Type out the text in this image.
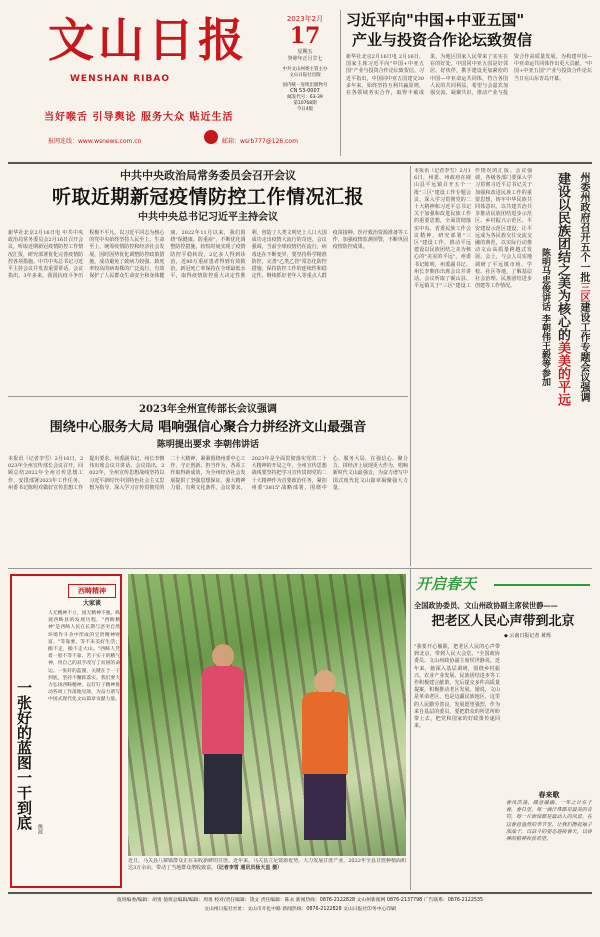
文山日报
WENSHAN RIBAO
当好喉舌 引导舆论 服务大众 贴近生活
报网连线：www.wsnews.com.cn	邮箱：wsrb777@126.com
2023年2月
17
星期五
癸卯年正月廿七
中共文山州委主管主办
文山日报社出版
国内统一连续出版物号
CN 53-0007
邮发代号：63-39
第10768期
今日4版
习近平向"中国+中亚五国"
产业与投资合作论坛致贺信
新华社北京2月16日电 2月16日，国家主席习近平向"中国+中亚五国"产业与投资合作论坛致贺信。习近平指出，中国同中亚五国建交30多年来，始终坚持互利共赢原则，在各领域务实合作，取得丰硕成果，为地区国家人民带来了实实在在的好处。中国同中亚五国是好邻居、好伙伴，携手建设更加紧密的中国—中亚命运共同体，符合各国人民的共同利益。希望与会嘉宾加强交流、凝聚共识，推动产业与投资合作高质量发展，为构建中国—中亚命运共同体作出更大贡献。"中国+中亚五国"产业与投资合作论坛当日在山东青岛开幕。
中共中央政治局常务委员会召开会议
听取近期新冠疫情防控工作情况汇报
中共中央总书记习近平主持会议
新华社北京2月16日电 中共中央政治局常务委员会2月16日召开会议，听取近期新冠疫情防控工作情况汇报，研究部署优化完善疫情防控各项措施。中共中央总书记习近平主持会议并发表重要讲话。会议指出，3年多来，我国抗疫斗争历程极不平凡。以习近平同志为核心的党中央始终坚持人民至上、生命至上，统筹疫情防控和经济社会发展，因时因势优化调整防控政策措施，成功避免了致病力较强、致死率较高的病毒株的广泛流行，有效保护了人民群众生命安全和身体健康。2022年11月以来，我们围绕"保健康、防重症"，不断优化调整防控措施，较短时间实现了疫情防控平稳转段，2亿多人得到诊治，近80万重症患者得到有效救治，新冠死亡率保持在全球最低水平，取得疫情防控重大决定性胜利，创造了人类文明史上人口大国成功走出疫情大流行的奇迹。会议强调，当前全球疫情仍在流行，病毒还在不断变异，要坚持科学精准防控，完善"乙类乙管"常态化防控措施，保持防控工作的连续性和稳定性，继续抓好老年人等重点人群疫苗接种、医疗救治资源准备等工作，加强疫情监测预警，不断巩固疫情防控成果。
本报讯（记者李雪）2月16日，州委、州政府在砚山县平远镇召开五个一批"三区"建设工作专题会议，深入学习贯彻党的二十大精神和习近平总书记关于加强和改进民族工作的重要思想，全面贯彻落实中央、省委民族工作会议精神，研究部署"三区"建设工作，推动平远建设以民族团结之美为核心的"美美的平远"。州委书记陈明，州委副书记、州长李朝伟出席会议并讲话。会议听取了砚山县、平远镇关于"三区"建设工作情况的汇报。会议强调，各级各部门要深入学习贯彻习近平总书记关于加强和改进民族工作的重要思想，铸牢中华民族共同体意识，以共建共治共享推动民族团结进步示范区、乡村振兴示范区、平安建设示范区建设，让平远成为各民族交往交流交融的典范，以实际行动推动文山高质量跨越式发展。会上，与会人员实地调研了平远镇市场、学校、社区等地，了解基层社会治理、民族团结进步创建等工作情况。	陈明马忠俊讲话 李朝伟王毅等参加 建设以民族团结之美为核心的美美的平远
州委州政府召开五个一批三区建设工作专题会议强调
2023年全州宣传部长会议强调
围绕中心服务大局 唱响强信心聚合力拼经济文山最强音
陈明提出要求 李朝伟讲话
本报讯（记者李雪）2月16日，2023年全州宣传部长会议召开，回顾总结2022年全州宣传思想工作，安排部署2023年工作任务。州委书记陈明对做好宣传思想工作提出要求。州委副书记、州长李朝伟出席会议并讲话。会议指出，2022年，全州宣传思想战线坚持以习近平新时代中国特色社会主义思想为指导，深入学习宣传贯彻党的二十大精神，紧紧围绕州委中心工作，守正创新、担当作为，各项工作取得新成效，为全州经济社会发展提供了坚强思想保证、强大精神力量、有利文化条件。会议要求，2023年是全面贯彻落实党的二十大精神的开局之年，全州宣传思想战线要坚持把学习宣传贯彻党的二十大精神作为首要政治任务，紧扣州委"3815"战略部署，围绕中心、服务大局，在强信心、聚合力、拼经济上展现更大作为，唱响新时代文山最强音，为奋力谱写中国式现代化文山篇章凝聚强大力量。
一张好的蓝图一干到底 熊波
西畴精神
大家谈
人无精神不立，国无精神不强。纵观西畴县的发展历程，"西畴精神"是西畴人民在长期与恶劣自然环境作斗争中形成的宝贵精神财富。"等靠要，等不来美好生活；搬不走，搬不走大山。"西畴人凭着一股不等不靠、苦干实干的精气神，用自己的双手改写了贫困的命运。一张好的蓝图，关键在于一干到底，坚持不懈抓落实。我们要大力弘扬西畴精神，以钉钉子精神推动各项工作落地见效，为奋力谱写中国式现代化文山篇章贡献力量。
近日，马关县八寨镇群众正在采收新鲜的甘蔗。近年来，马关县立足资源优势，大力发展甘蔗产业，2022年全县甘蔗种植面积达3万余亩，带动了当地群众增收致富。（记者李雪 通讯员杨天星 摄）
开启春天
全国政协委员、文山州政协副主席侯世静——
把老区人民心声带到北京
◆ 云南日报记者 黄烁
"我要开心履职，把老区人民的心声带到北京，带到人民大会堂。"全国政协委员、文山州政协副主席侯世静说。近年来，她深入基层调研，围绕乡村振兴、农业产业发展、民族团结进步等工作积极建言献策，先后提交多件高质量提案，积极推动老区发展。她说，文山是革命老区，也是边疆民族地区，这里的人民勤劳善良，发展愿望强烈，作为来自基层的委员，要把群众的所思所盼带上去，把党和国家的好政策传递回来。
春来歌
春风浩荡，暖意融融。一年之计在于春，春日里，每一滴汗珠都是最美的音符，每一片新绿都是最动人的风景。在这春意盎然的季节里，让我们撸起袖子加油干，以奋斗的姿态迎接春天，以拼搏的精神收获希望。
值班编委/编辑：胡勇 值班总编辑/编辑：周勇 校对/责任编辑：饶文 责任编辑：陈永 新闻热线：0876-2122828 文山州新闻网 0876-2137798 广告联系：0876-2122535
文山州日报社社址：文山市开化中路 新闻热线：0876-2122828 文山日报社印务中心印刷
